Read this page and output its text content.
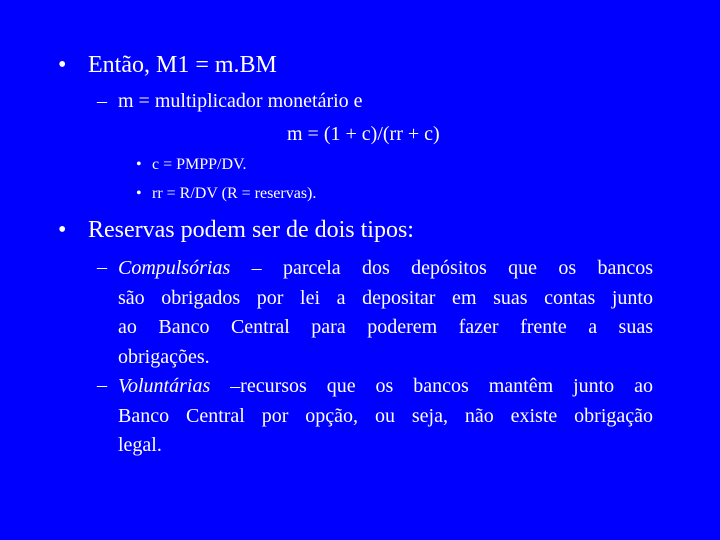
• Então, M1 = m.BM
– m = multiplicador monetário e
m = (1 + c)/(rr + c)
• c = PMPP/DV.
• rr = R/DV (R = reservas).
• Reservas podem ser de dois tipos:
– Compulsórias – parcela dos depósitos que os bancos
são obrigados por lei a depositar em suas contas junto
ao Banco Central para poderem fazer frente a suas
obrigações.
– Voluntárias –recursos que os bancos mantêm junto ao
Banco Central por opção, ou seja, não existe obrigação
legal.
